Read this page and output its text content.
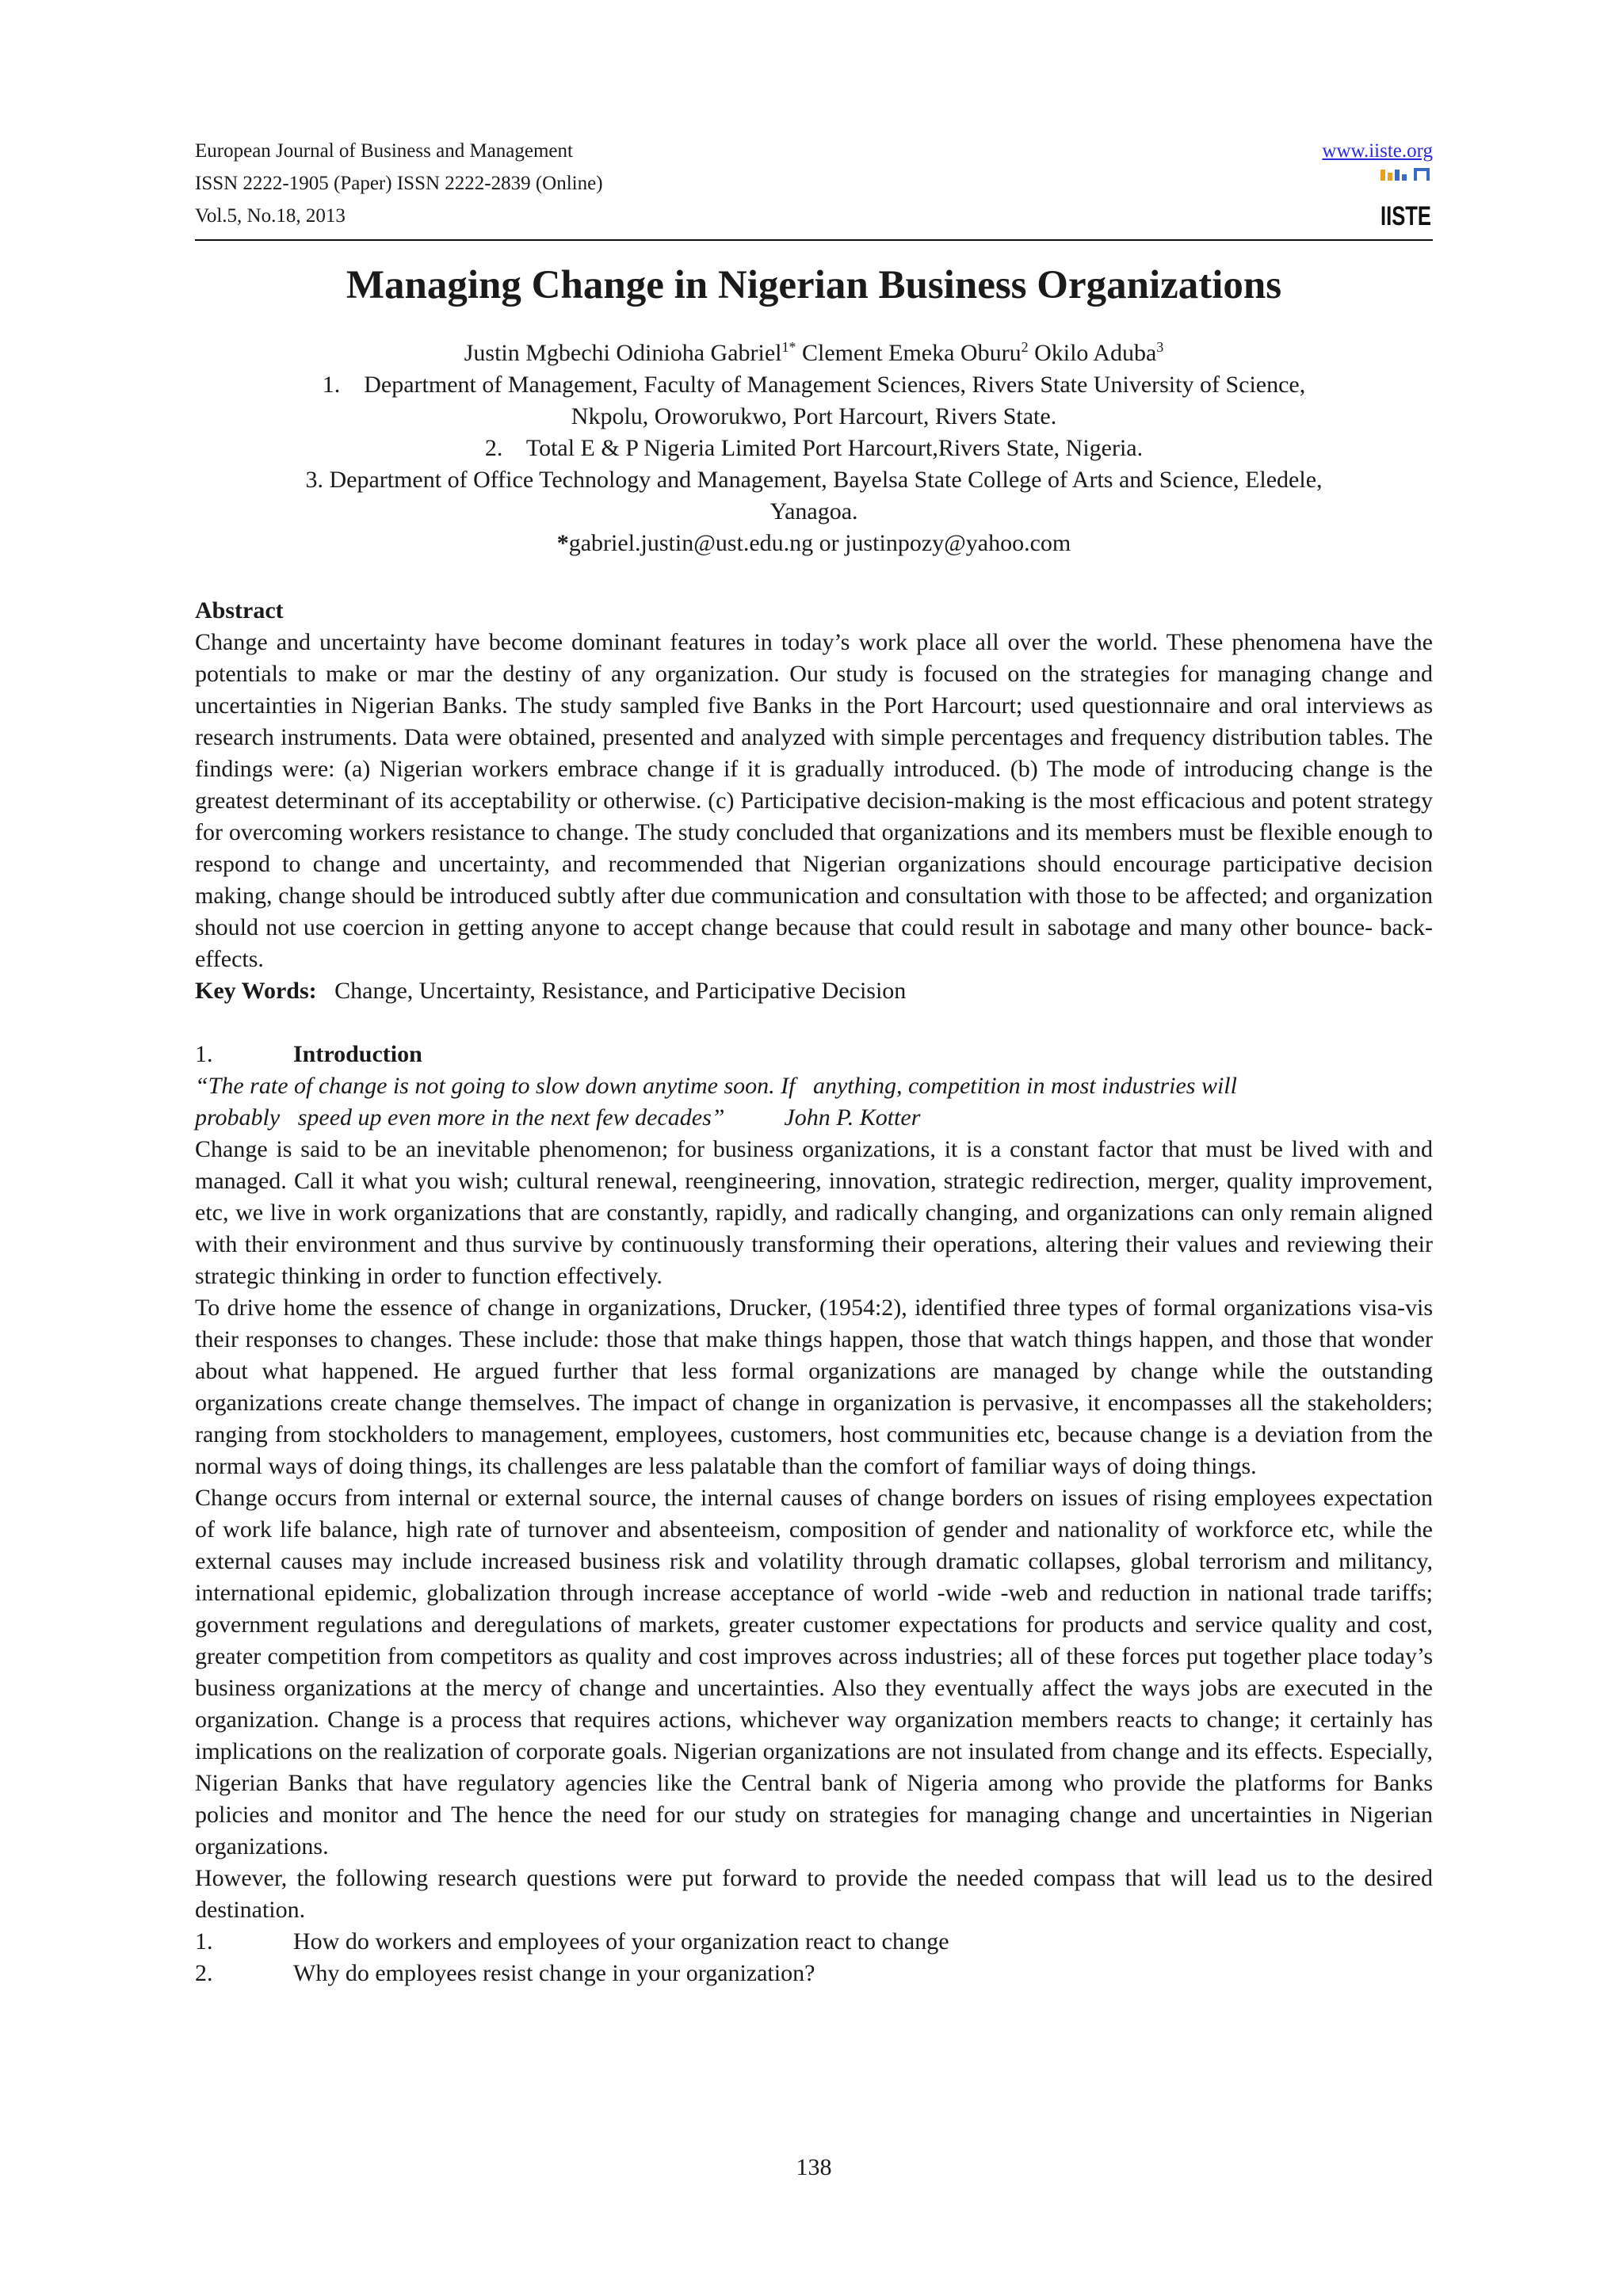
European Journal of Business and Management
ISSN 2222-1905 (Paper) ISSN 2222-2839 (Online)
Vol.5, No.18, 2013
www.iiste.org
IISTE
Managing Change in Nigerian Business Organizations
Justin Mgbechi Odinioha Gabriel$^{1*}$ Clement Emeka Oburu$^2$ Okilo Aduba$^3$
1.    Department of Management, Faculty of Management Sciences, Rivers State University of Science,
Nkpolu, Oroworukwo, Port Harcourt, Rivers State.
2.    Total E & P Nigeria Limited Port Harcourt,Rivers State, Nigeria.
3. Department of Office Technology and Management, Bayelsa State College of Arts and Science, Eledele,
Yanagoa.
*gabriel.justin@ust.edu.ng or justinpozy@yahoo.com

Abstract

Change and uncertainty have become dominant features in today’s work place all over the world. These phenomena have the potentials to make or mar the destiny of any organization. Our study is focused on the strategies for managing change and uncertainties in Nigerian Banks. The study sampled five Banks in the Port Harcourt; used questionnaire and oral interviews as research instruments. Data were obtained, presented and analyzed with simple percentages and frequency distribution tables. The findings were: (a) Nigerian workers embrace change if it is gradually introduced. (b) The mode of introducing change is the greatest determinant of its acceptability or otherwise. (c) Participative decision-making is the most efficacious and potent strategy for overcoming workers resistance to change. The study concluded that organizations and its members must be flexible enough to respond to change and uncertainty, and recommended that Nigerian organizations should encourage participative decision making, change should be introduced subtly after due communication and consultation with those to be affected; and organization should not use coercion in getting anyone to accept change because that could result in sabotage and many other bounce- back- effects.

Key Words:   Change, Uncertainty, Resistance, and Participative Decision

1.	Introduction

“The rate of change is not going to slow down anytime soon. If   anything, competition in most industries will

probably   speed up even more in the next few decades”          John P. Kotter

Change is said to be an inevitable phenomenon; for business organizations, it is a constant factor that must be lived with and managed. Call it what you wish; cultural renewal, reengineering, innovation, strategic redirection, merger, quality improvement, etc, we live in work organizations that are constantly, rapidly, and radically changing, and organizations can only remain aligned with their environment and thus survive by continuously transforming their operations, altering their values and reviewing their strategic thinking in order to function effectively.

To drive home the essence of change in organizations, Drucker, (1954:2), identified three types of formal organizations visa-vis their responses to changes. These include: those that make things happen, those that watch things happen, and those that wonder about what happened. He argued further that less formal organizations are managed by change while the outstanding organizations create change themselves. The impact of change in organization is pervasive, it encompasses all the stakeholders; ranging from stockholders to management, employees, customers, host communities etc, because change is a deviation from the normal ways of doing things, its challenges are less palatable than the comfort of familiar ways of doing things.

Change occurs from internal or external source, the internal causes of change borders on issues of rising employees expectation of work life balance, high rate of turnover and absenteeism, composition of gender and nationality of workforce etc, while the external causes may include increased business risk and volatility through dramatic collapses, global terrorism and militancy, international epidemic, globalization through increase acceptance of world -wide -web and reduction in national trade tariffs; government regulations and deregulations of markets, greater customer expectations for products and service quality and cost, greater competition from competitors as quality and cost improves across industries; all of these forces put together place today’s business organizations at the mercy of change and uncertainties. Also they eventually affect the ways jobs are executed in the organization. Change is a process that requires actions, whichever way organization members reacts to change; it certainly has implications on the realization of corporate goals. Nigerian organizations are not insulated from change and its effects. Especially, Nigerian Banks that have regulatory agencies like the Central bank of Nigeria among who provide the platforms for Banks policies and monitor and The hence the need for our study on strategies for managing change and uncertainties in Nigerian organizations.

However, the following research questions were put forward to provide the needed compass that will lead us to the desired destination.

1.	How do workers and employees of your organization react to change

2.	Why do employees resist change in your organization?

138
